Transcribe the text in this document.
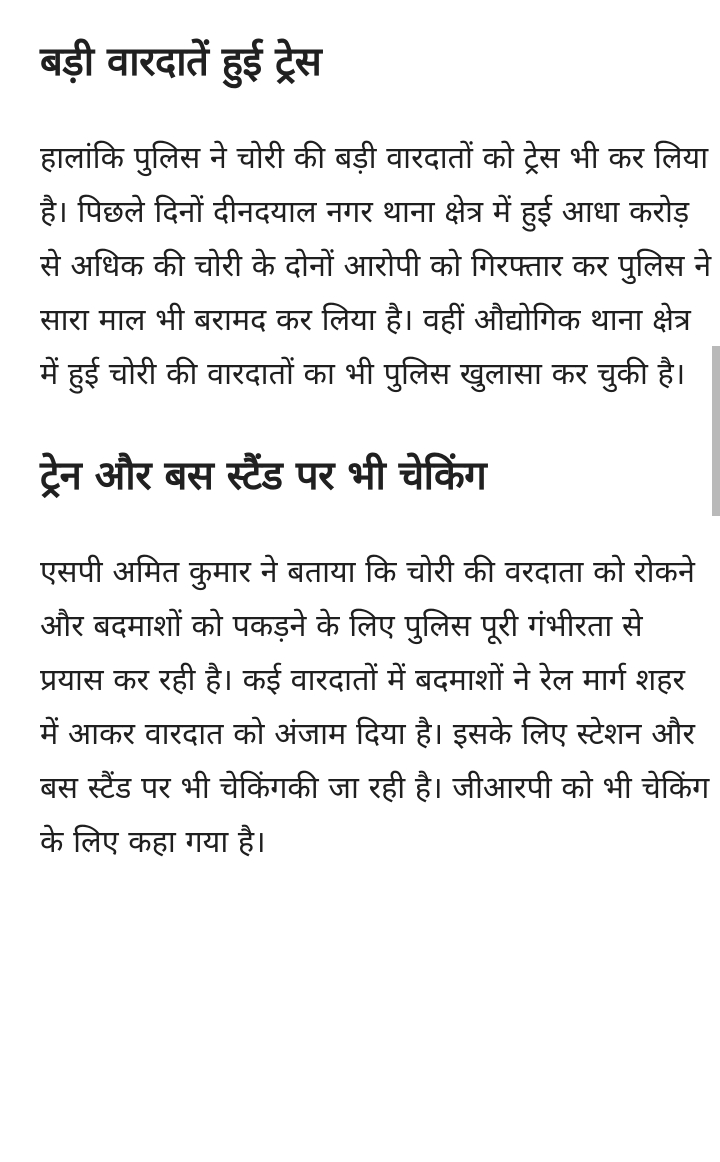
बड़ी वारदातें हुई ट्रेस

हालांकि पुलिस ने चोरी की बड़ी वारदातों को ट्रेस भी कर लिया है। पिछले दिनों दीनदयाल नगर थाना क्षेत्र में हुई आधा करोड़ से अधिक की चोरी के दोनों आरोपी को गिरफ्तार कर पुलिस ने सारा माल भी बरामद कर लिया है। वहीं औद्योगिक थाना क्षेत्र में हुई चोरी की वारदातों का भी पुलिस खुलासा कर चुकी है।

ट्रेन और बस स्टैंड पर भी चेकिंग

एसपी अमित कुमार ने बताया कि चोरी की वरदाता को रोकने और बदमाशों को पकड़ने के लिए पुलिस पूरी गंभीरता से प्रयास कर रही है। कई वारदातों में बदमाशों ने रेल मार्ग शहर में आकर वारदात को अंजाम दिया है। इसके लिए स्टेशन और बस स्टैंड पर भी चेकिंगकी जा रही है। जीआरपी को भी चेकिंग के लिए कहा गया है।
